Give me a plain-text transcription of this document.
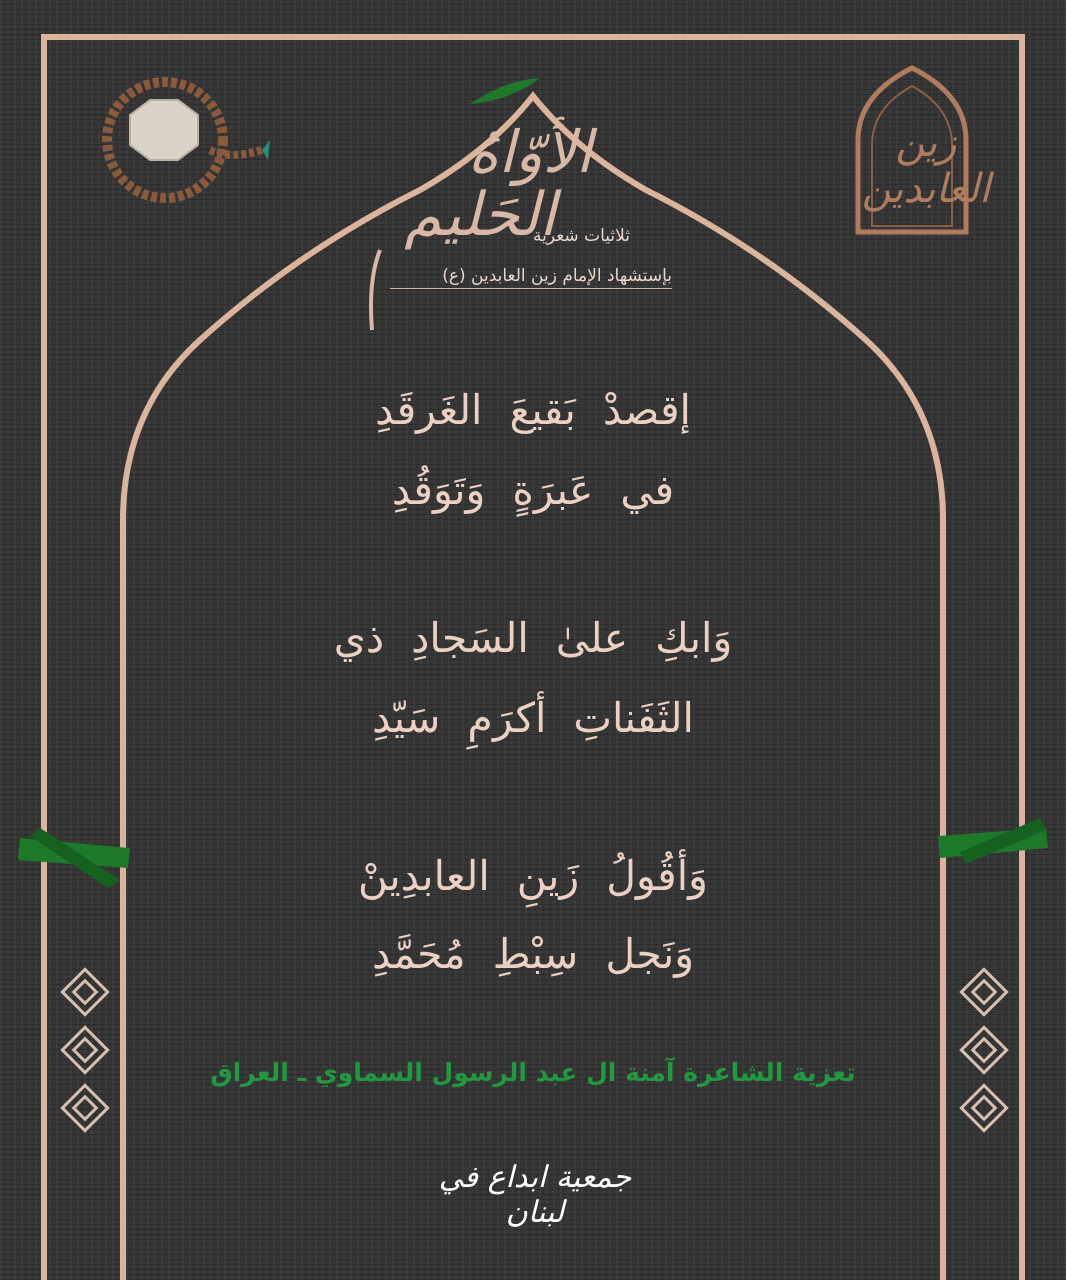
زين العابدين
الأوّاهُ
الحَليم
ثلاثيات شعرية
بإستشهاد الإمام زين العابدين (ع)
إقصدْ بَقيعَ الغَرقَدِ
في عَبرَةٍ وَتَوَقُدِ
وَابكِ علىٰ السَجادِ ذي
الثَفَناتِ أكرَمِ سَيّدِ
وَأقُولُ زَينِ العابدِينْ
وَنَجل سِبْطِ مُحَمَّدِ
تعزية الشاعرة آمنة ال عبد الرسول السماوي ـ العراق
جمعية ابداع في لبنان
